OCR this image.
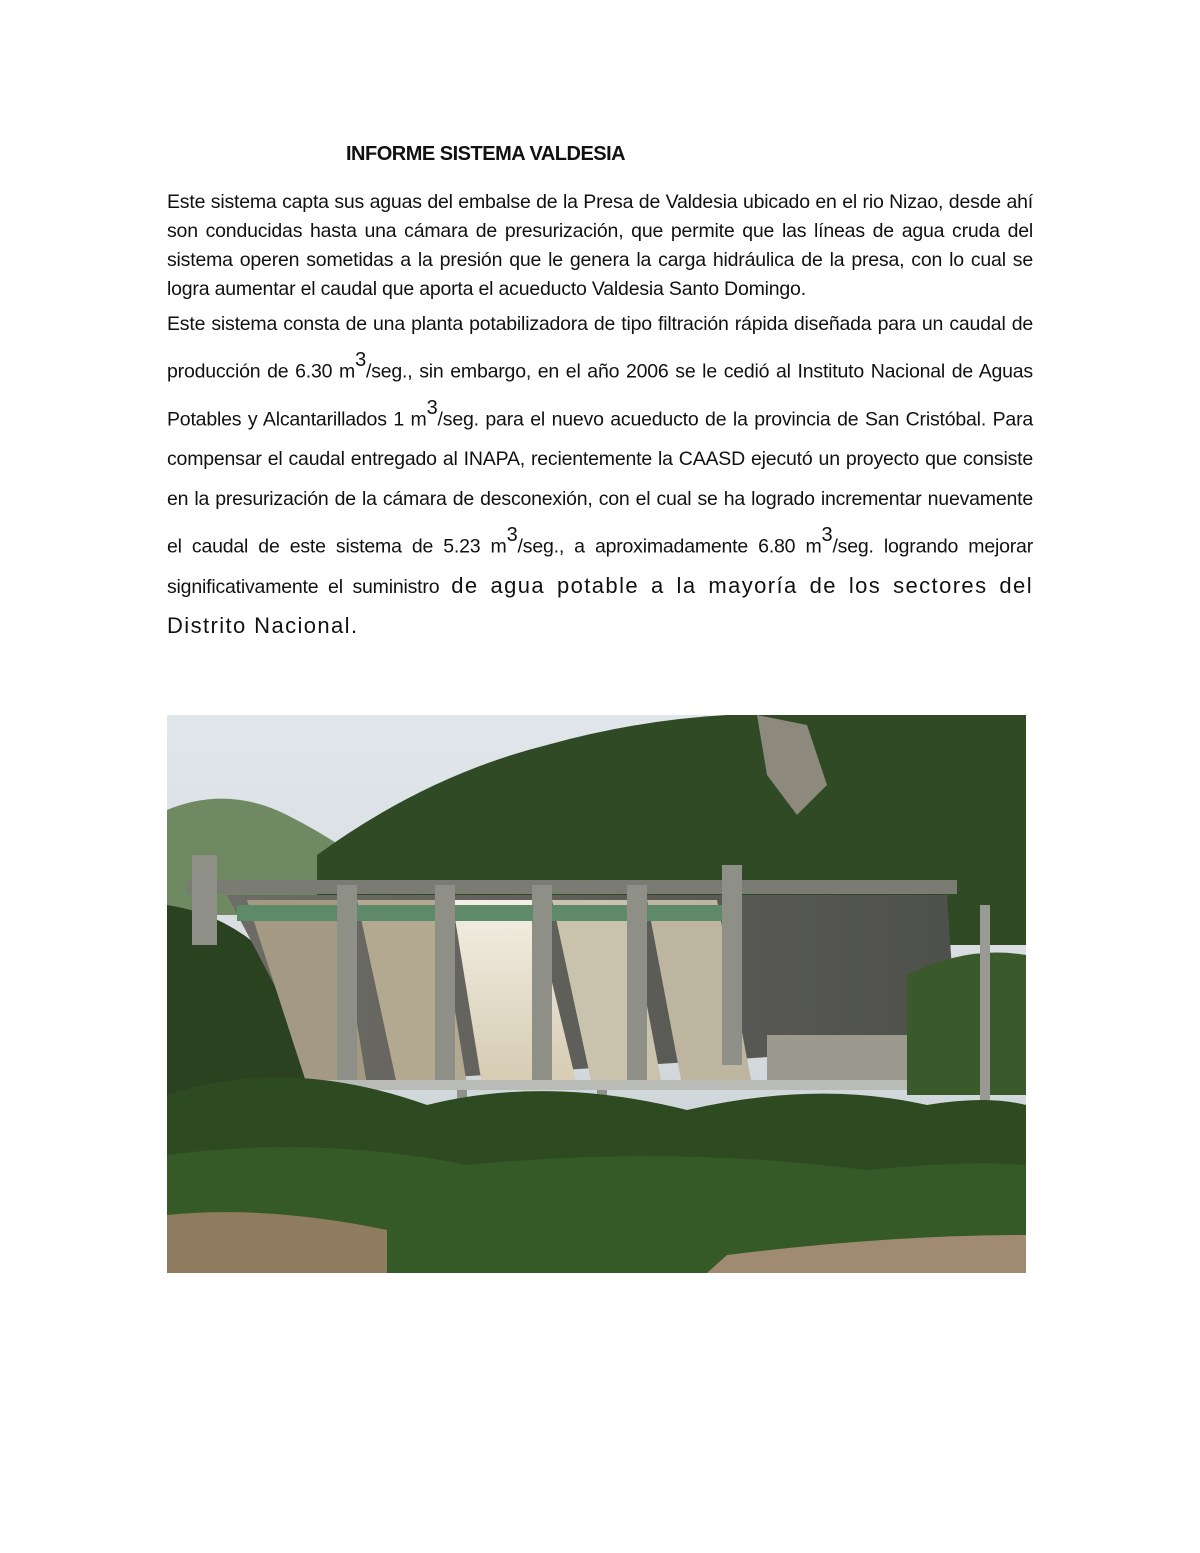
INFORME SISTEMA VALDESIA

Este sistema capta sus aguas del embalse de la Presa de Valdesia ubicado en el rio Nizao, desde ahí son conducidas hasta una cámara de presurización, que permite que las líneas de agua cruda del sistema operen sometidas a la presión que le genera la carga hidráulica de la presa, con lo cual se logra aumentar el caudal que aporta el acueducto Valdesia Santo Domingo.

Este sistema consta de una planta potabilizadora de tipo filtración rápida diseñada para un caudal de producción de 6.30 $m^3$/seg., sin embargo, en el año 2006 se le cedió al Instituto Nacional de Aguas Potables y Alcantarillados 1 $m^3$/seg. para el nuevo acueducto de la provincia de San Cristóbal. Para compensar el caudal entregado al INAPA, recientemente la CAASD ejecutó un proyecto que consiste en la presurización de la cámara de desconexión, con el cual se ha logrado incrementar nuevamente el caudal de este sistema de 5.23 $m^3$/seg., a aproximadamente 6.80 $m^3$/seg. logrando mejorar significativamente el suministro de agua potable a la mayoría de los sectores del Distrito Nacional.
